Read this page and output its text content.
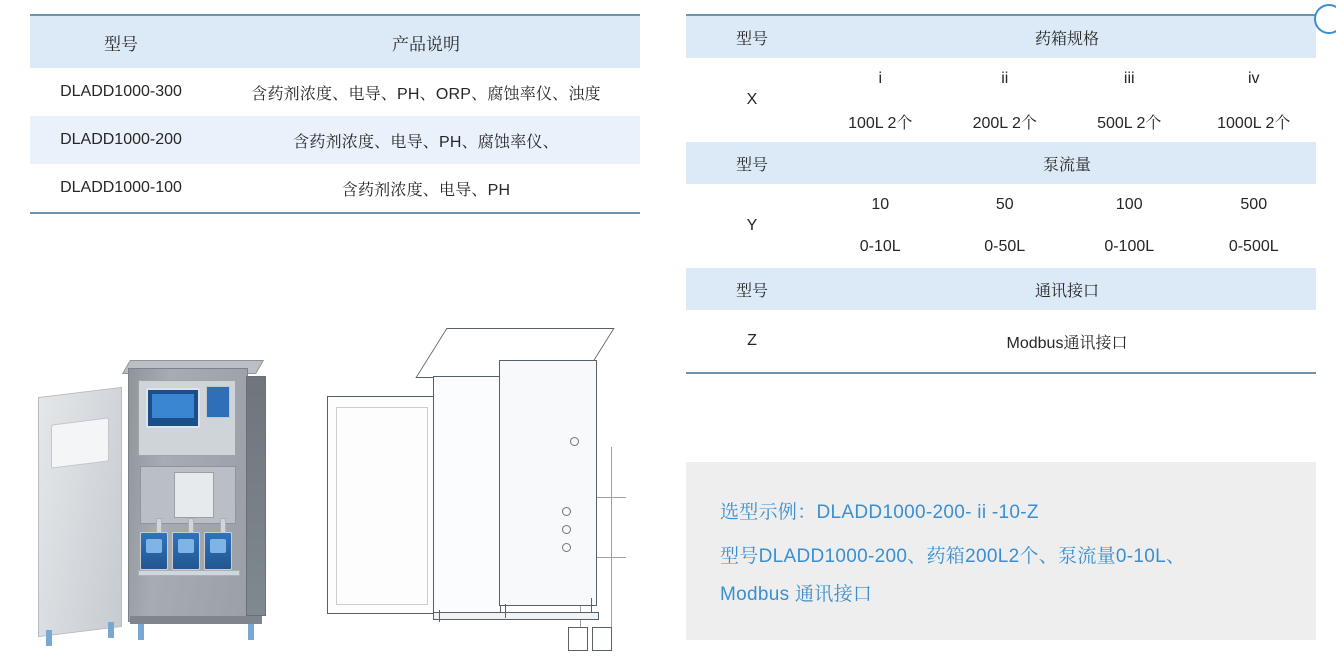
型号	产品说明
DLADD1000-300	含药剂浓度、电导、PH、ORP、腐蚀率仪、浊度
DLADD1000-200	含药剂浓度、电导、PH、腐蚀率仪、
DLADD1000-100	含药剂浓度、电导、PH
型号	药箱规格			
X	i	ii	iii	iv
	100L 2个	200L 2个	500L 2个	1000L 2个
型号	泵流量			
Y	10	50	100	500
	0-10L	0-50L	0-100L	0-500L
型号	通讯接口			
Z	Modbus通讯接口			
选型示例：DLADD1000-200- ii -10-Z
型号DLADD1000-200、药箱200L2个、泵流量0-10L、
Modbus 通讯接口
